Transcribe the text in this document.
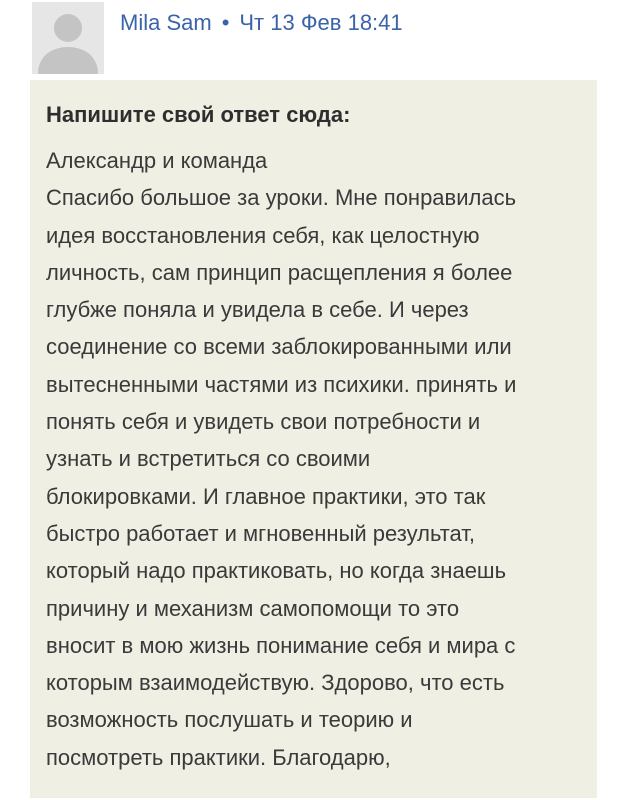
Mila Sam • Чт 13 Фев 18:41
Напишите свой ответ сюда:
Александр и команда
Спасибо большое за уроки. Мне понравилась
идея восстановления себя, как целостную
личность, сам принцип расщепления я более
глубже поняла и увидела в себе. И через
соединение со всеми заблокированными или
вытесненными частями из психики. принять и
понять себя и увидеть свои потребности и
узнать и встретиться со своими
блокировками. И главное практики, это так
быстро работает и мгновенный результат,
который надо практиковать, но когда знаешь
причину и механизм самопомощи то это
вносит в мою жизнь понимание себя и мира с
которым взаимодействую. Здорово, что есть
возможность послушать и теорию и
посмотреть практики. Благодарю,
